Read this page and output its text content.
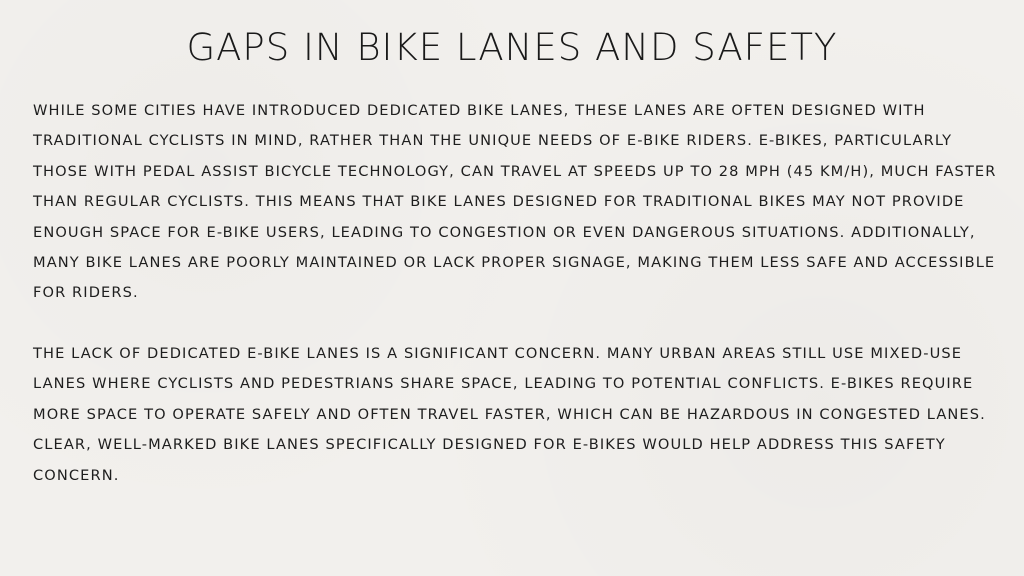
GAPS IN BIKE LANES AND SAFETY

WHILE SOME CITIES HAVE INTRODUCED DEDICATED BIKE LANES, THESE LANES ARE OFTEN DESIGNED WITH TRADITIONAL CYCLISTS IN MIND, RATHER THAN THE UNIQUE NEEDS OF E-BIKE RIDERS. E-BIKES, PARTICULARLY THOSE WITH PEDAL ASSIST BICYCLE TECHNOLOGY, CAN TRAVEL AT SPEEDS UP TO 28 MPH (45 KM/H), MUCH FASTER THAN REGULAR CYCLISTS. THIS MEANS THAT BIKE LANES DESIGNED FOR TRADITIONAL BIKES MAY NOT PROVIDE ENOUGH SPACE FOR E-BIKE USERS, LEADING TO CONGESTION OR EVEN DANGEROUS SITUATIONS. ADDITIONALLY, MANY BIKE LANES ARE POORLY MAINTAINED OR LACK PROPER SIGNAGE, MAKING THEM LESS SAFE AND ACCESSIBLE FOR RIDERS.

THE LACK OF DEDICATED E-BIKE LANES IS A SIGNIFICANT CONCERN. MANY URBAN AREAS STILL USE MIXED-USE LANES WHERE CYCLISTS AND PEDESTRIANS SHARE SPACE, LEADING TO POTENTIAL CONFLICTS. E-BIKES REQUIRE MORE SPACE TO OPERATE SAFELY AND OFTEN TRAVEL FASTER, WHICH CAN BE HAZARDOUS IN CONGESTED LANES. CLEAR, WELL-MARKED BIKE LANES SPECIFICALLY DESIGNED FOR E-BIKES WOULD HELP ADDRESS THIS SAFETY CONCERN.
